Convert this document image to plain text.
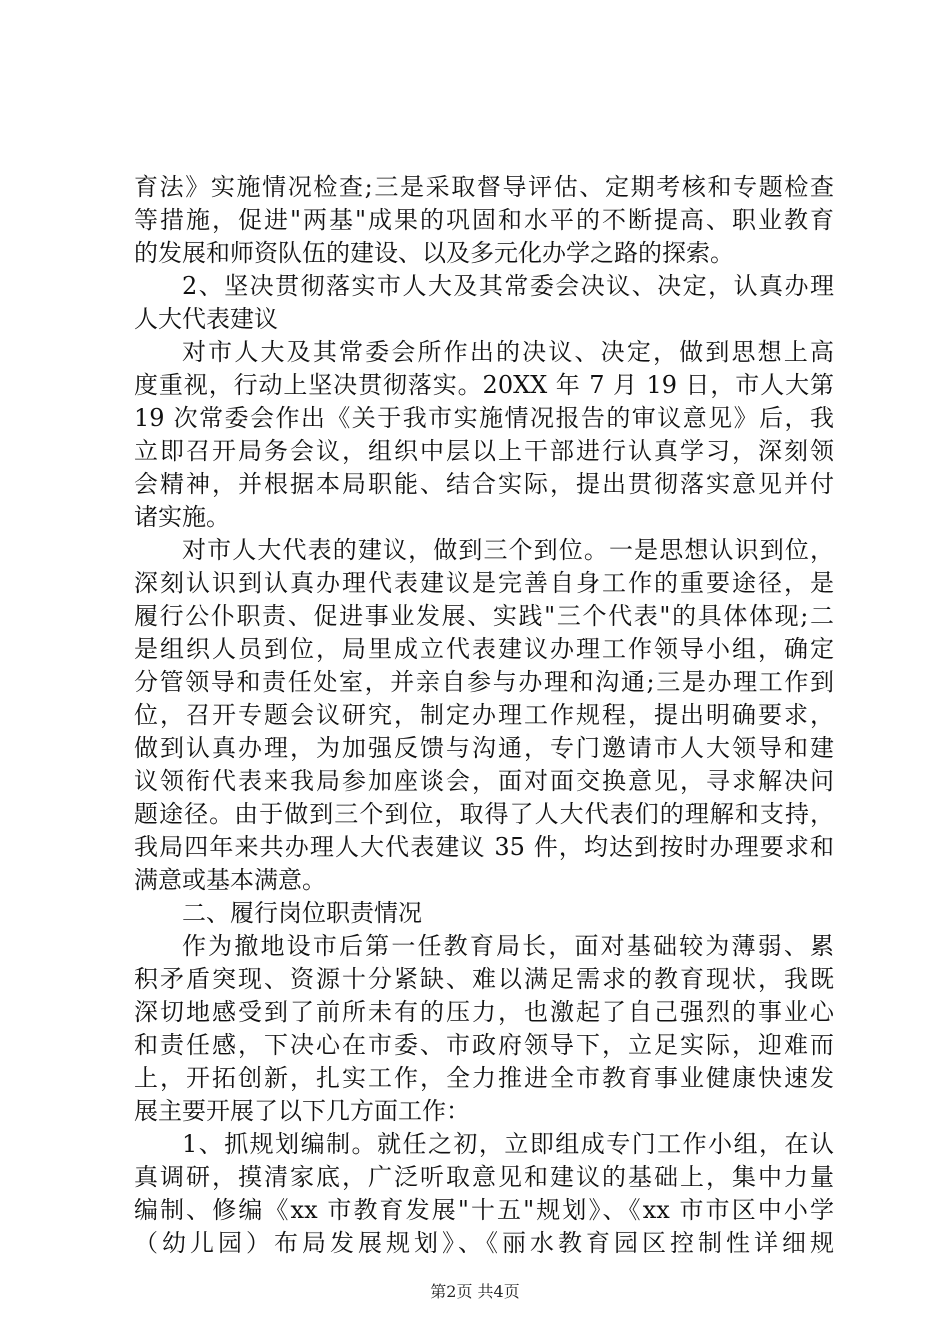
育法》实施情况检查;三是采取督导评估、定期考核和专题检查
等措施，促进"两基"成果的巩固和水平的不断提高、职业教育
的发展和师资队伍的建设、以及多元化办学之路的探索。
2、坚决贯彻落实市人大及其常委会决议、决定，认真办理
人大代表建议
对市人大及其常委会所作出的决议、决定，做到思想上高
度重视，行动上坚决贯彻落实。20XX 年 7 月 19 日，市人大第
19 次常委会作出《关于我市实施情况报告的审议意见》后，我
立即召开局务会议，组织中层以上干部进行认真学习，深刻领
会精神，并根据本局职能、结合实际，提出贯彻落实意见并付
诸实施。
对市人大代表的建议，做到三个到位。一是思想认识到位，
深刻认识到认真办理代表建议是完善自身工作的重要途径，是
履行公仆职责、促进事业发展、实践"三个代表"的具体体现;二
是组织人员到位，局里成立代表建议办理工作领导小组，确定
分管领导和责任处室，并亲自参与办理和沟通;三是办理工作到
位，召开专题会议研究，制定办理工作规程，提出明确要求，
做到认真办理，为加强反馈与沟通，专门邀请市人大领导和建
议领衔代表来我局参加座谈会，面对面交换意见，寻求解决问
题途径。由于做到三个到位，取得了人大代表们的理解和支持，
我局四年来共办理人大代表建议 35 件，均达到按时办理要求和
满意或基本满意。
二、履行岗位职责情况
作为撤地设市后第一任教育局长，面对基础较为薄弱、累
积矛盾突现、资源十分紧缺、难以满足需求的教育现状，我既
深切地感受到了前所未有的压力，也激起了自己强烈的事业心
和责任感，下决心在市委、市政府领导下，立足实际，迎难而
上，开拓创新，扎实工作，全力推进全市教育事业健康快速发
展主要开展了以下几方面工作：
1、抓规划编制。就任之初，立即组成专门工作小组，在认
真调研，摸清家底，广泛听取意见和建议的基础上，集中力量
编制、修编《xx 市教育发展"十五"规划》、《xx 市市区中小学
（幼儿园）布局发展规划》、《丽水教育园区控制性详细规
第2页 共4页
